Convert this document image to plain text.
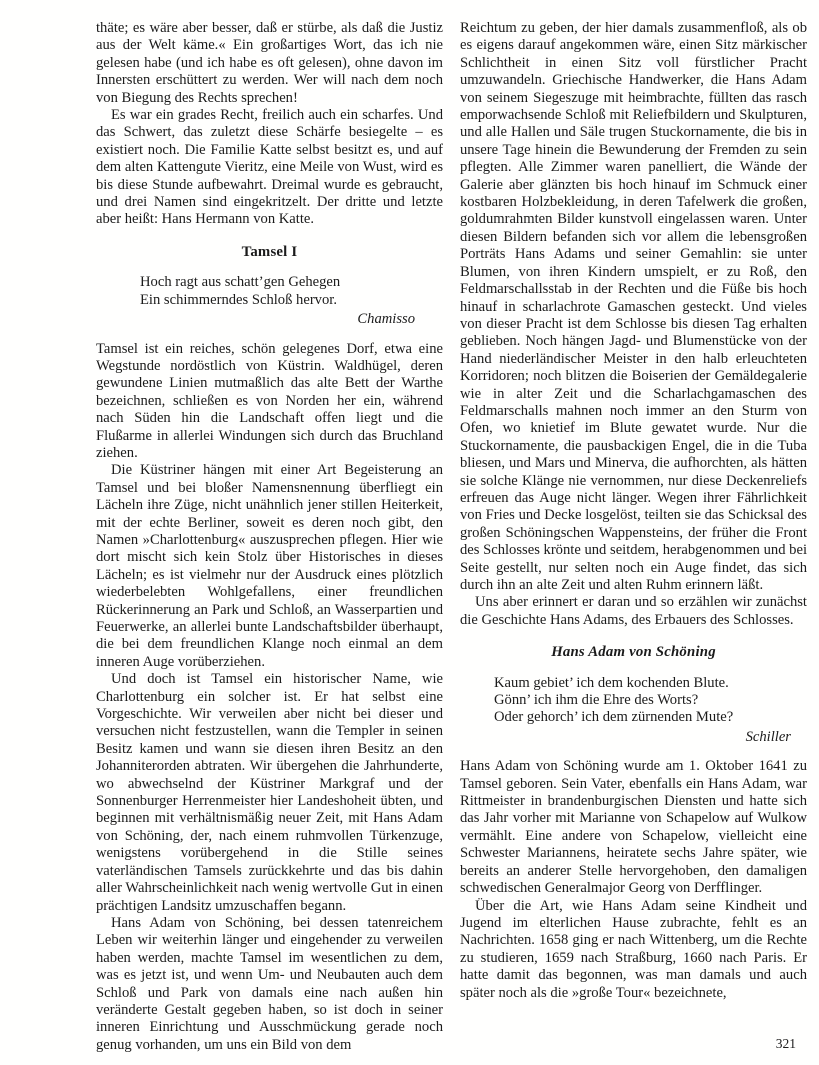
thäte; es wäre aber besser, daß er stürbe, als daß die Justiz aus der Welt käme.« Ein großartiges Wort, das ich nie gelesen habe (und ich habe es oft gelesen), ohne davon im Innersten erschüttert zu werden. Wer will nach dem noch von Biegung des Rechts sprechen!

Es war ein grades Recht, freilich auch ein scharfes. Und das Schwert, das zuletzt diese Schärfe besiegelte – es existiert noch. Die Familie Katte selbst besitzt es, und auf dem alten Kattengute Vieritz, eine Meile von Wust, wird es bis diese Stunde aufbewahrt. Dreimal wurde es gebraucht, und drei Namen sind eingekritzelt. Der dritte und letzte aber heißt: Hans Hermann von Katte.

Tamsel I
Hoch ragt aus schatt’gen Gehegen
Ein schimmerndes Schloß hervor.
Chamisso

Tamsel ist ein reiches, schön gelegenes Dorf, etwa eine Wegstunde nordöstlich von Küstrin. Waldhügel, deren gewundene Linien mutmaßlich das alte Bett der Warthe bezeichnen, schließen es von Norden her ein, während nach Süden hin die Landschaft offen liegt und die Flußarme in allerlei Windungen sich durch das Bruchland ziehen.

Die Küstriner hängen mit einer Art Begeisterung an Tamsel und bei bloßer Namensnennung überfliegt ein Lächeln ihre Züge, nicht unähnlich jener stillen Heiterkeit, mit der echte Berliner, soweit es deren noch gibt, den Namen »Charlottenburg« auszusprechen pflegen. Hier wie dort mischt sich kein Stolz über Historisches in dieses Lächeln; es ist vielmehr nur der Ausdruck eines plötzlich wiederbelebten Wohlgefallens, einer freundlichen Rückerinnerung an Park und Schloß, an Wasserpartien und Feuerwerke, an allerlei bunte Landschaftsbilder überhaupt, die bei dem freundlichen Klange noch einmal an dem inneren Auge vorüberziehen.

Und doch ist Tamsel ein historischer Name, wie Charlottenburg ein solcher ist. Er hat selbst eine Vorgeschichte. Wir verweilen aber nicht bei dieser und versuchen nicht festzustellen, wann die Templer in seinen Besitz kamen und wann sie diesen ihren Besitz an den Johanniterorden abtraten. Wir übergehen die Jahrhunderte, wo abwechselnd der Küstriner Markgraf und der Sonnenburger Herrenmeister hier Landeshoheit übten, und beginnen mit verhältnismäßig neuer Zeit, mit Hans Adam von Schöning, der, nach einem ruhmvollen Türkenzuge, wenigstens vorübergehend in die Stille seines vaterländischen Tamsels zurückkehrte und das bis dahin aller Wahrscheinlichkeit nach wenig wertvolle Gut in einen prächtigen Landsitz umzuschaffen begann.

Hans Adam von Schöning, bei dessen tatenreichem Leben wir weiterhin länger und eingehender zu verweilen haben werden, machte Tamsel im wesentlichen zu dem, was es jetzt ist, und wenn Um- und Neubauten auch dem Schloß und Park von damals eine nach außen hin veränderte Gestalt gegeben haben, so ist doch in seiner inneren Einrichtung und Ausschmückung gerade noch genug vorhanden, um uns ein Bild von dem

Reichtum zu geben, der hier damals zusammenfloß, als ob es eigens darauf angekommen wäre, einen Sitz märkischer Schlichtheit in einen Sitz voll fürstlicher Pracht umzuwandeln. Griechische Handwerker, die Hans Adam von seinem Siegeszuge mit heimbrachte, füllten das rasch emporwachsende Schloß mit Reliefbildern und Skulpturen, und alle Hallen und Säle trugen Stuckornamente, die bis in unsere Tage hinein die Bewunderung der Fremden zu sein pflegten. Alle Zimmer waren panelliert, die Wände der Galerie aber glänzten bis hoch hinauf im Schmuck einer kostbaren Holzbekleidung, in deren Tafelwerk die großen, goldumrahmten Bilder kunstvoll eingelassen waren. Unter diesen Bildern befanden sich vor allem die lebensgroßen Porträts Hans Adams und seiner Gemahlin: sie unter Blumen, von ihren Kindern umspielt, er zu Roß, den Feldmarschallsstab in der Rechten und die Füße bis hoch hinauf in scharlachrote Gamaschen gesteckt. Und vieles von dieser Pracht ist dem Schlosse bis diesen Tag erhalten geblieben. Noch hängen Jagd- und Blumenstücke von der Hand niederländischer Meister in den halb erleuchteten Korridoren; noch blitzen die Boiserien der Gemäldegalerie wie in alter Zeit und die Scharlachgamaschen des Feldmarschalls mahnen noch immer an den Sturm von Ofen, wo knietief im Blute gewatet wurde. Nur die Stuckornamente, die pausbackigen Engel, die in die Tuba bliesen, und Mars und Minerva, die aufhorchten, als hätten sie solche Klänge nie vernommen, nur diese Deckenreliefs erfreuen das Auge nicht länger. Wegen ihrer Fährlichkeit von Fries und Decke losgelöst, teilten sie das Schicksal des großen Schöningschen Wappensteins, der früher die Front des Schlosses krönte und seitdem, herabgenommen und bei Seite gestellt, nur selten noch ein Auge findet, das sich durch ihn an alte Zeit und alten Ruhm erinnern läßt.

Uns aber erinnert er daran und so erzählen wir zunächst die Geschichte Hans Adams, des Erbauers des Schlosses.

Hans Adam von Schöning
Kaum gebiet’ ich dem kochenden Blute.
Gönn’ ich ihm die Ehre des Worts?
Oder gehorch’ ich dem zürnenden Mute?
Schiller

Hans Adam von Schöning wurde am 1. Oktober 1641 zu Tamsel geboren. Sein Vater, ebenfalls ein Hans Adam, war Rittmeister in brandenburgischen Diensten und hatte sich das Jahr vorher mit Marianne von Schapelow auf Wulkow vermählt. Eine andere von Schapelow, vielleicht eine Schwester Mariannens, heiratete sechs Jahre später, wie bereits an anderer Stelle hervorgehoben, den damaligen schwedischen Generalmajor Georg von Derfflinger.

Über die Art, wie Hans Adam seine Kindheit und Jugend im elterlichen Hause zubrachte, fehlt es an Nachrichten. 1658 ging er nach Wittenberg, um die Rechte zu studieren, 1659 nach Straßburg, 1660 nach Paris. Er hatte damit das begonnen, was man damals und auch später noch als die »große Tour« bezeichnete,

321
